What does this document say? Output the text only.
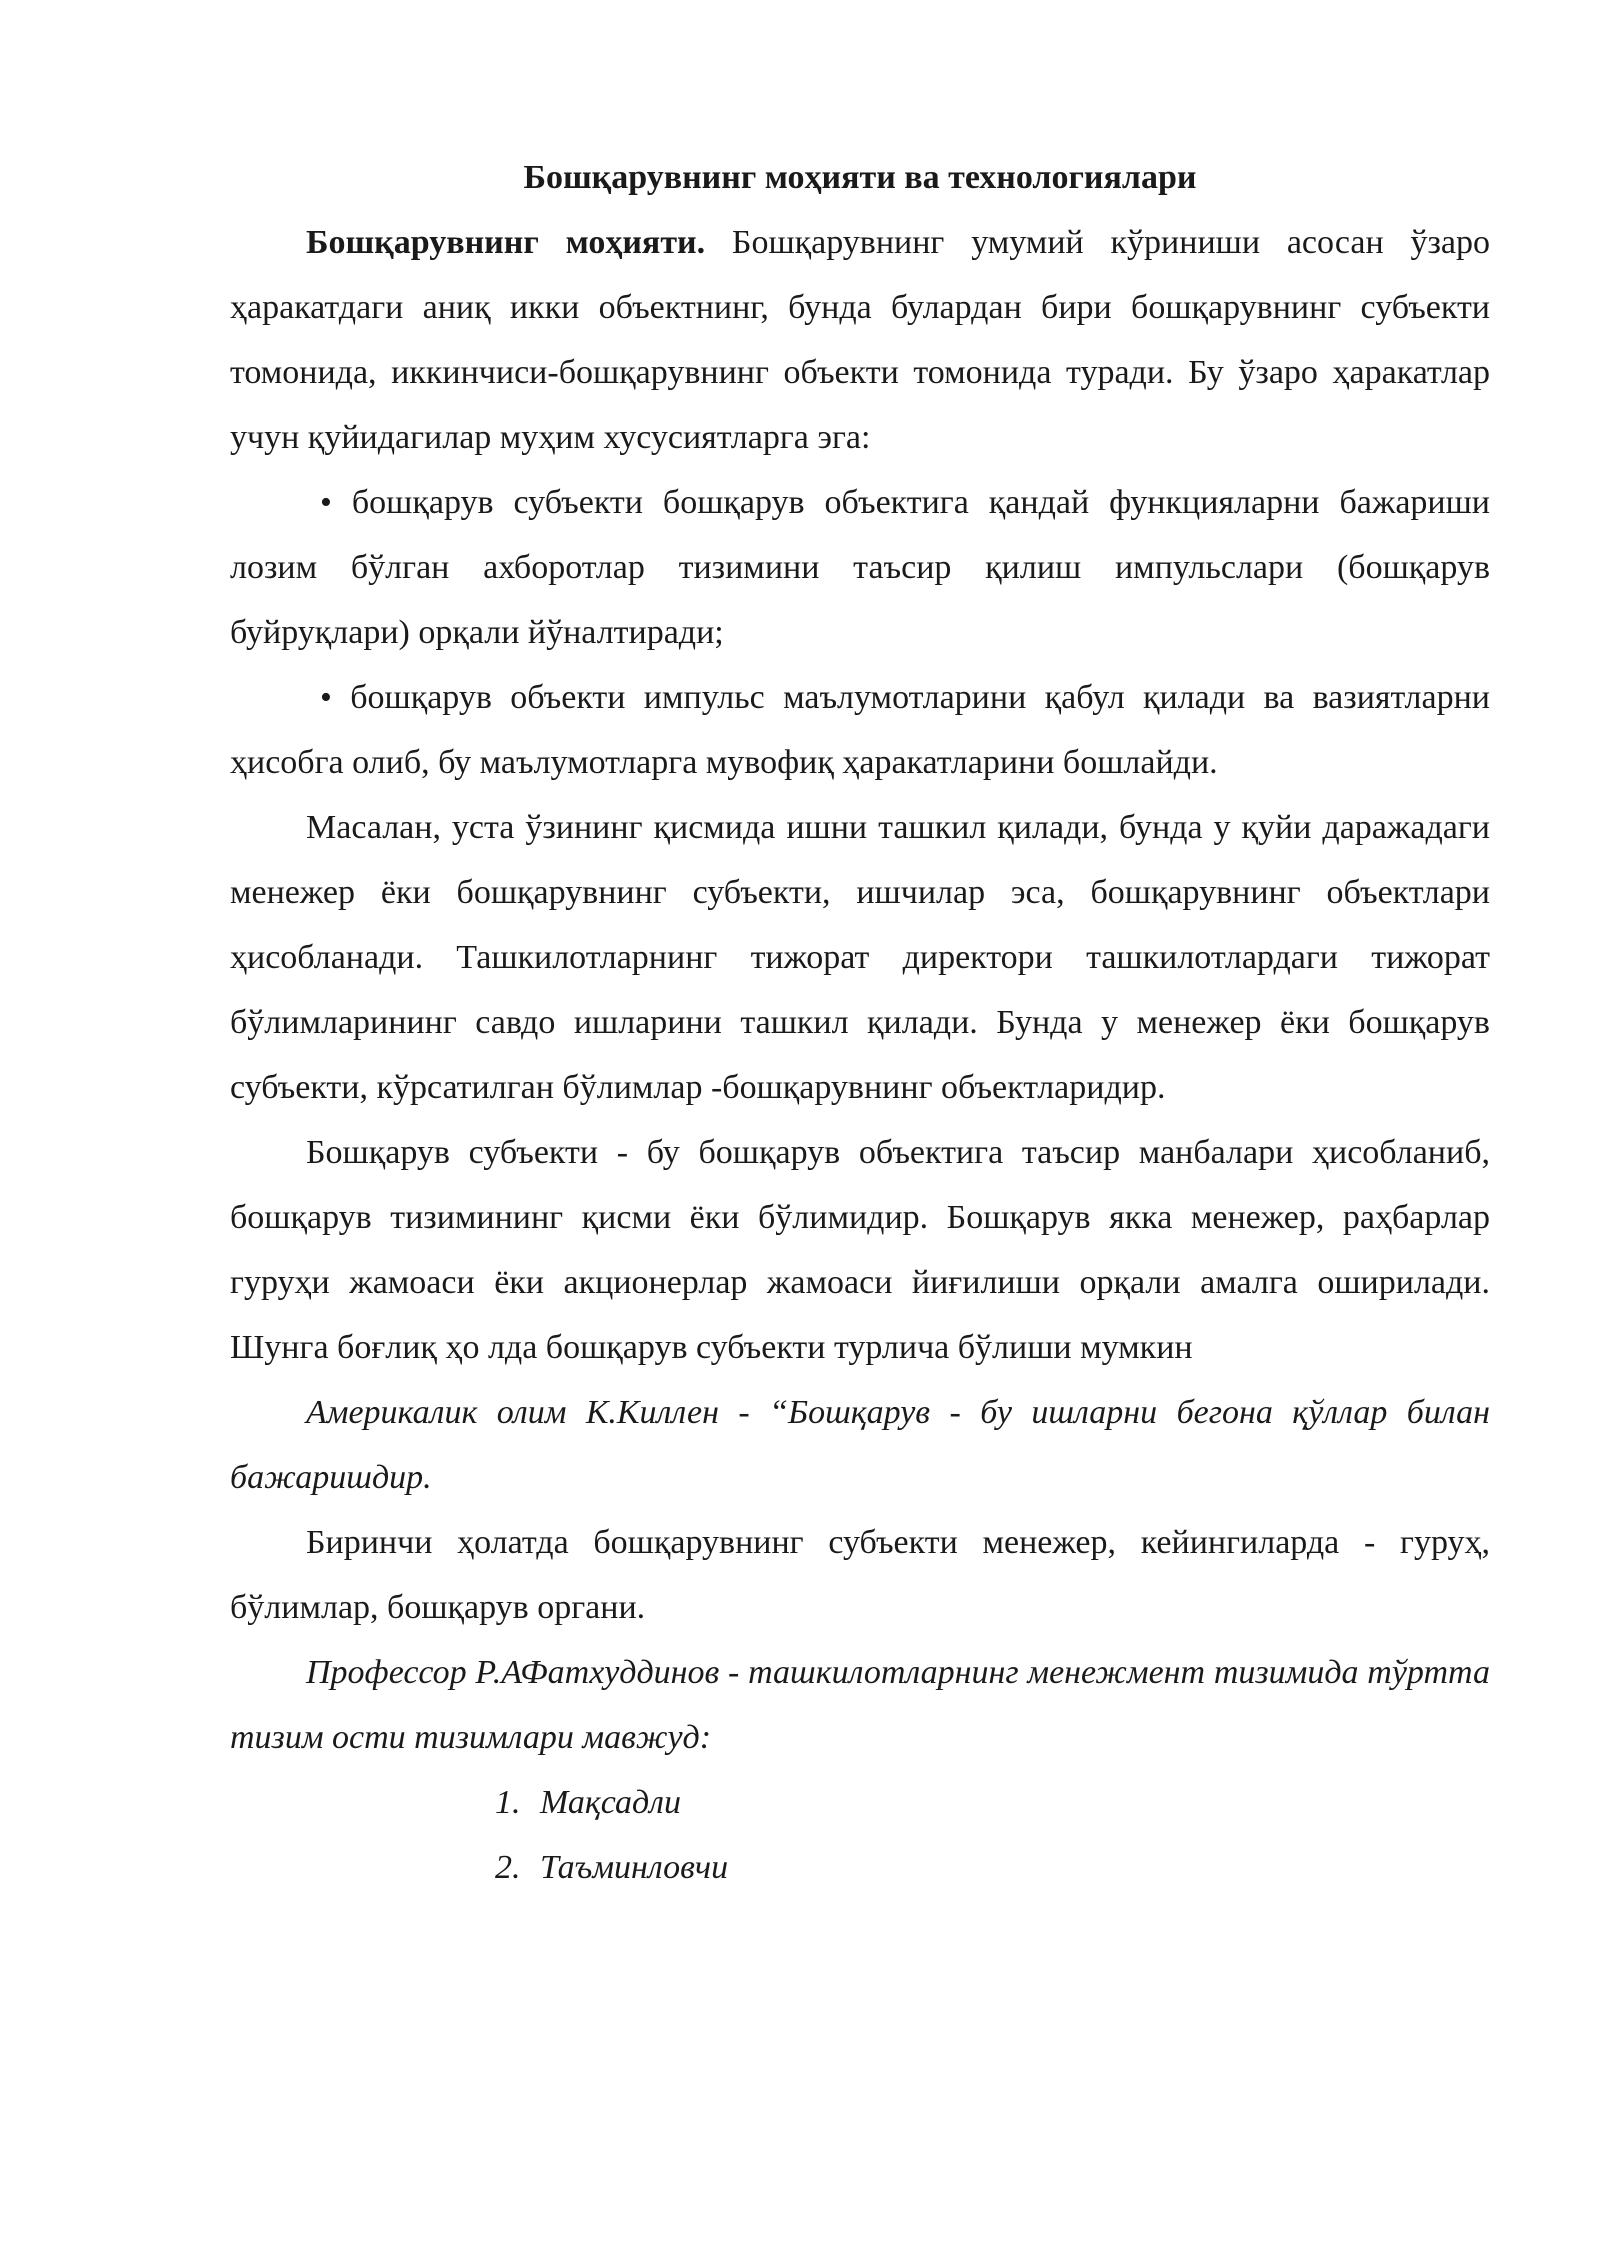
Бошқарувнинг моҳияти ва технологиялари

Бошқарувнинг моҳияти. Бошқарувнинг умумий кўриниши асосан ўзаро ҳаракатдаги аниқ икки объектнинг, бунда булардан бири бошқарувнинг субъекти томонида, иккинчиси-бошқарувнинг объекти томонида туради. Бу ўзаро ҳаракатлар учун қуйидагилар муҳим хусусиятларга эга:

• бошқарув субъекти бошқарув объектига қандай функцияларни бажариши лозим бўлган ахборотлар тизимини таъсир қилиш импульслари (бошқарув буйруқлари) орқали йўналтиради;

• бошқарув объекти импульс маълумотларини қабул қилади ва вазиятларни ҳисобга олиб, бу маълумотларга мувофиқ ҳаракатларини бошлайди.

Масалан, уста ўзининг қисмида ишни ташкил қилади, бунда у қуйи даражадаги менежер ёки бошқарувнинг субъекти, ишчилар эса, бошқарувнинг объектлари ҳисобланади. Ташкилотларнинг тижорат директори ташкилотлардаги тижорат бўлимларининг савдо ишларини ташкил қилади. Бунда у менежер ёки бошқарув субъекти, кўрсатилган бўлимлар -бошқарувнинг объектларидир.

Бошқарув субъекти - бу бошқарув объектига таъсир манбалари ҳисобланиб, бошқарув тизимининг қисми ёки бўлимидир. Бошқарув якка менежер, раҳбарлар гуруҳи жамоаси ёки акционерлар жамоаси йиғилиши орқали амалга оширилади. Шунга боғлиқ ҳо лда бошқарув субъекти турлича бўлиши мумкин

Америкалик олим К.Киллен - “Бошқарув - бу ишларни бегона қўллар билан бажаришдир.

Биринчи ҳолатда бошқарувнинг субъекти менежер, кейингиларда - гуруҳ, бўлимлар, бошқарув органи.

Профессор Р.АФатхуддинов - ташкилотларнинг менежмент тизимида тўртта тизим ости тизимлари мавжуд:

1. Мақсадли
2. Таъминловчи
